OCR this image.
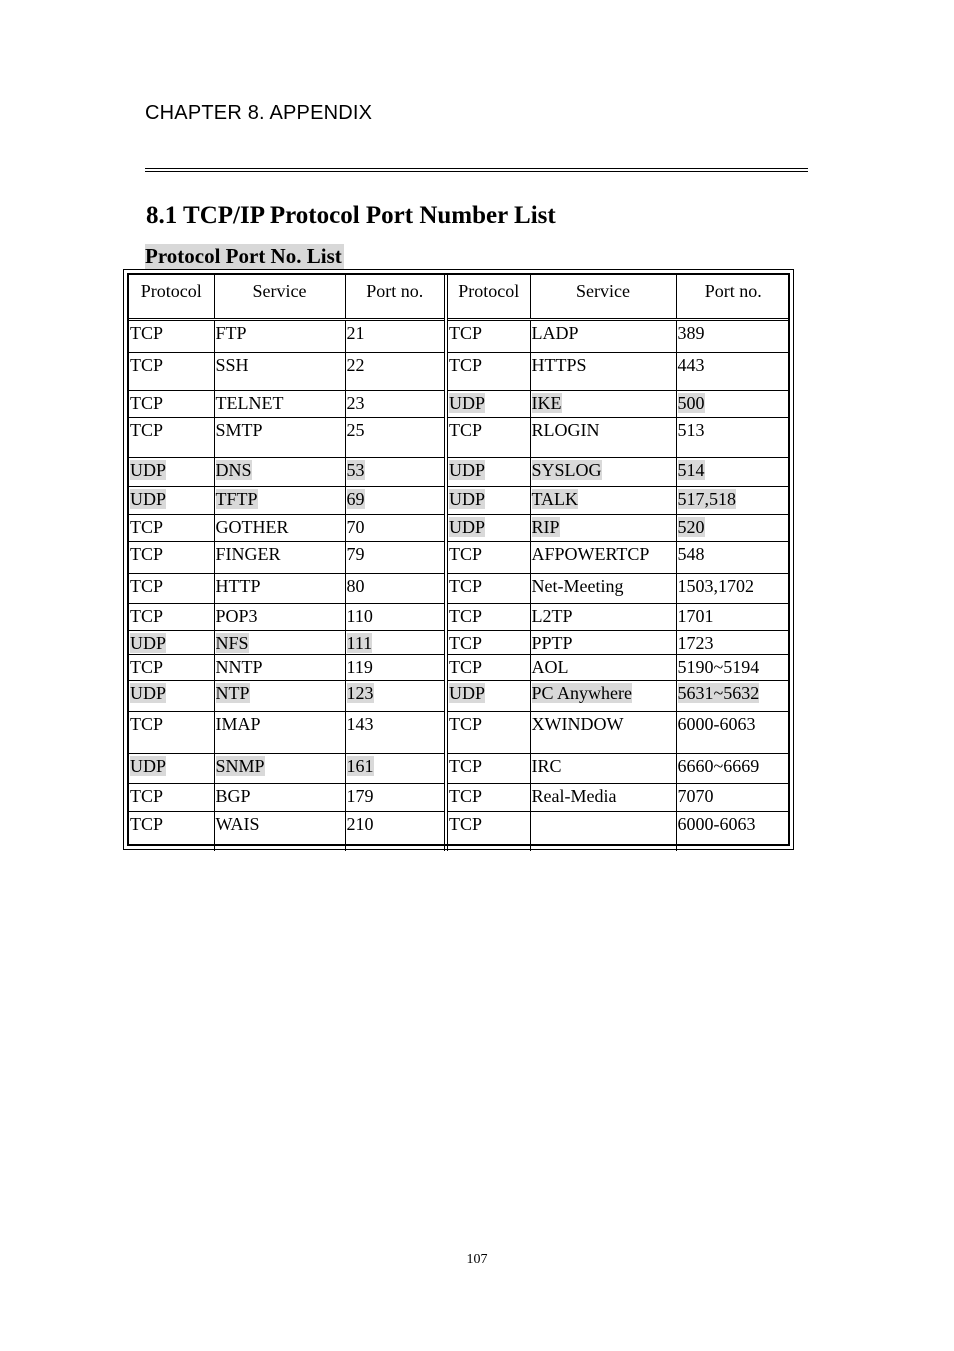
CHAPTER 8. APPENDIX
8.1 TCP/IP Protocol Port Number List
Protocol Port No. List
Protocol	Service	Port no.	Protocol	Service	Port no.
TCP	FTP	21	TCP	LADP	389
TCP	SSH	22	TCP	HTTPS	443
TCP	TELNET	23	UDP	IKE	500
TCP	SMTP	25	TCP	RLOGIN	513
UDP	DNS	53	UDP	SYSLOG	514
UDP	TFTP	69	UDP	TALK	517,518
TCP	GOTHER	70	UDP	RIP	520
TCP	FINGER	79	TCP	AFPOWERTCP	548
TCP	HTTP	80	TCP	Net-Meeting	1503,1702
TCP	POP3	110	TCP	L2TP	1701
UDP	NFS	111	TCP	PPTP	1723
TCP	NNTP	119	TCP	AOL	5190~5194
UDP	NTP	123	UDP	PC Anywhere	5631~5632
TCP	IMAP	143	TCP	XWINDOW	6000-6063
UDP	SNMP	161	TCP	IRC	6660~6669
TCP	BGP	179	TCP	Real-Media	7070
TCP	WAIS	210	TCP		6000-6063
107
